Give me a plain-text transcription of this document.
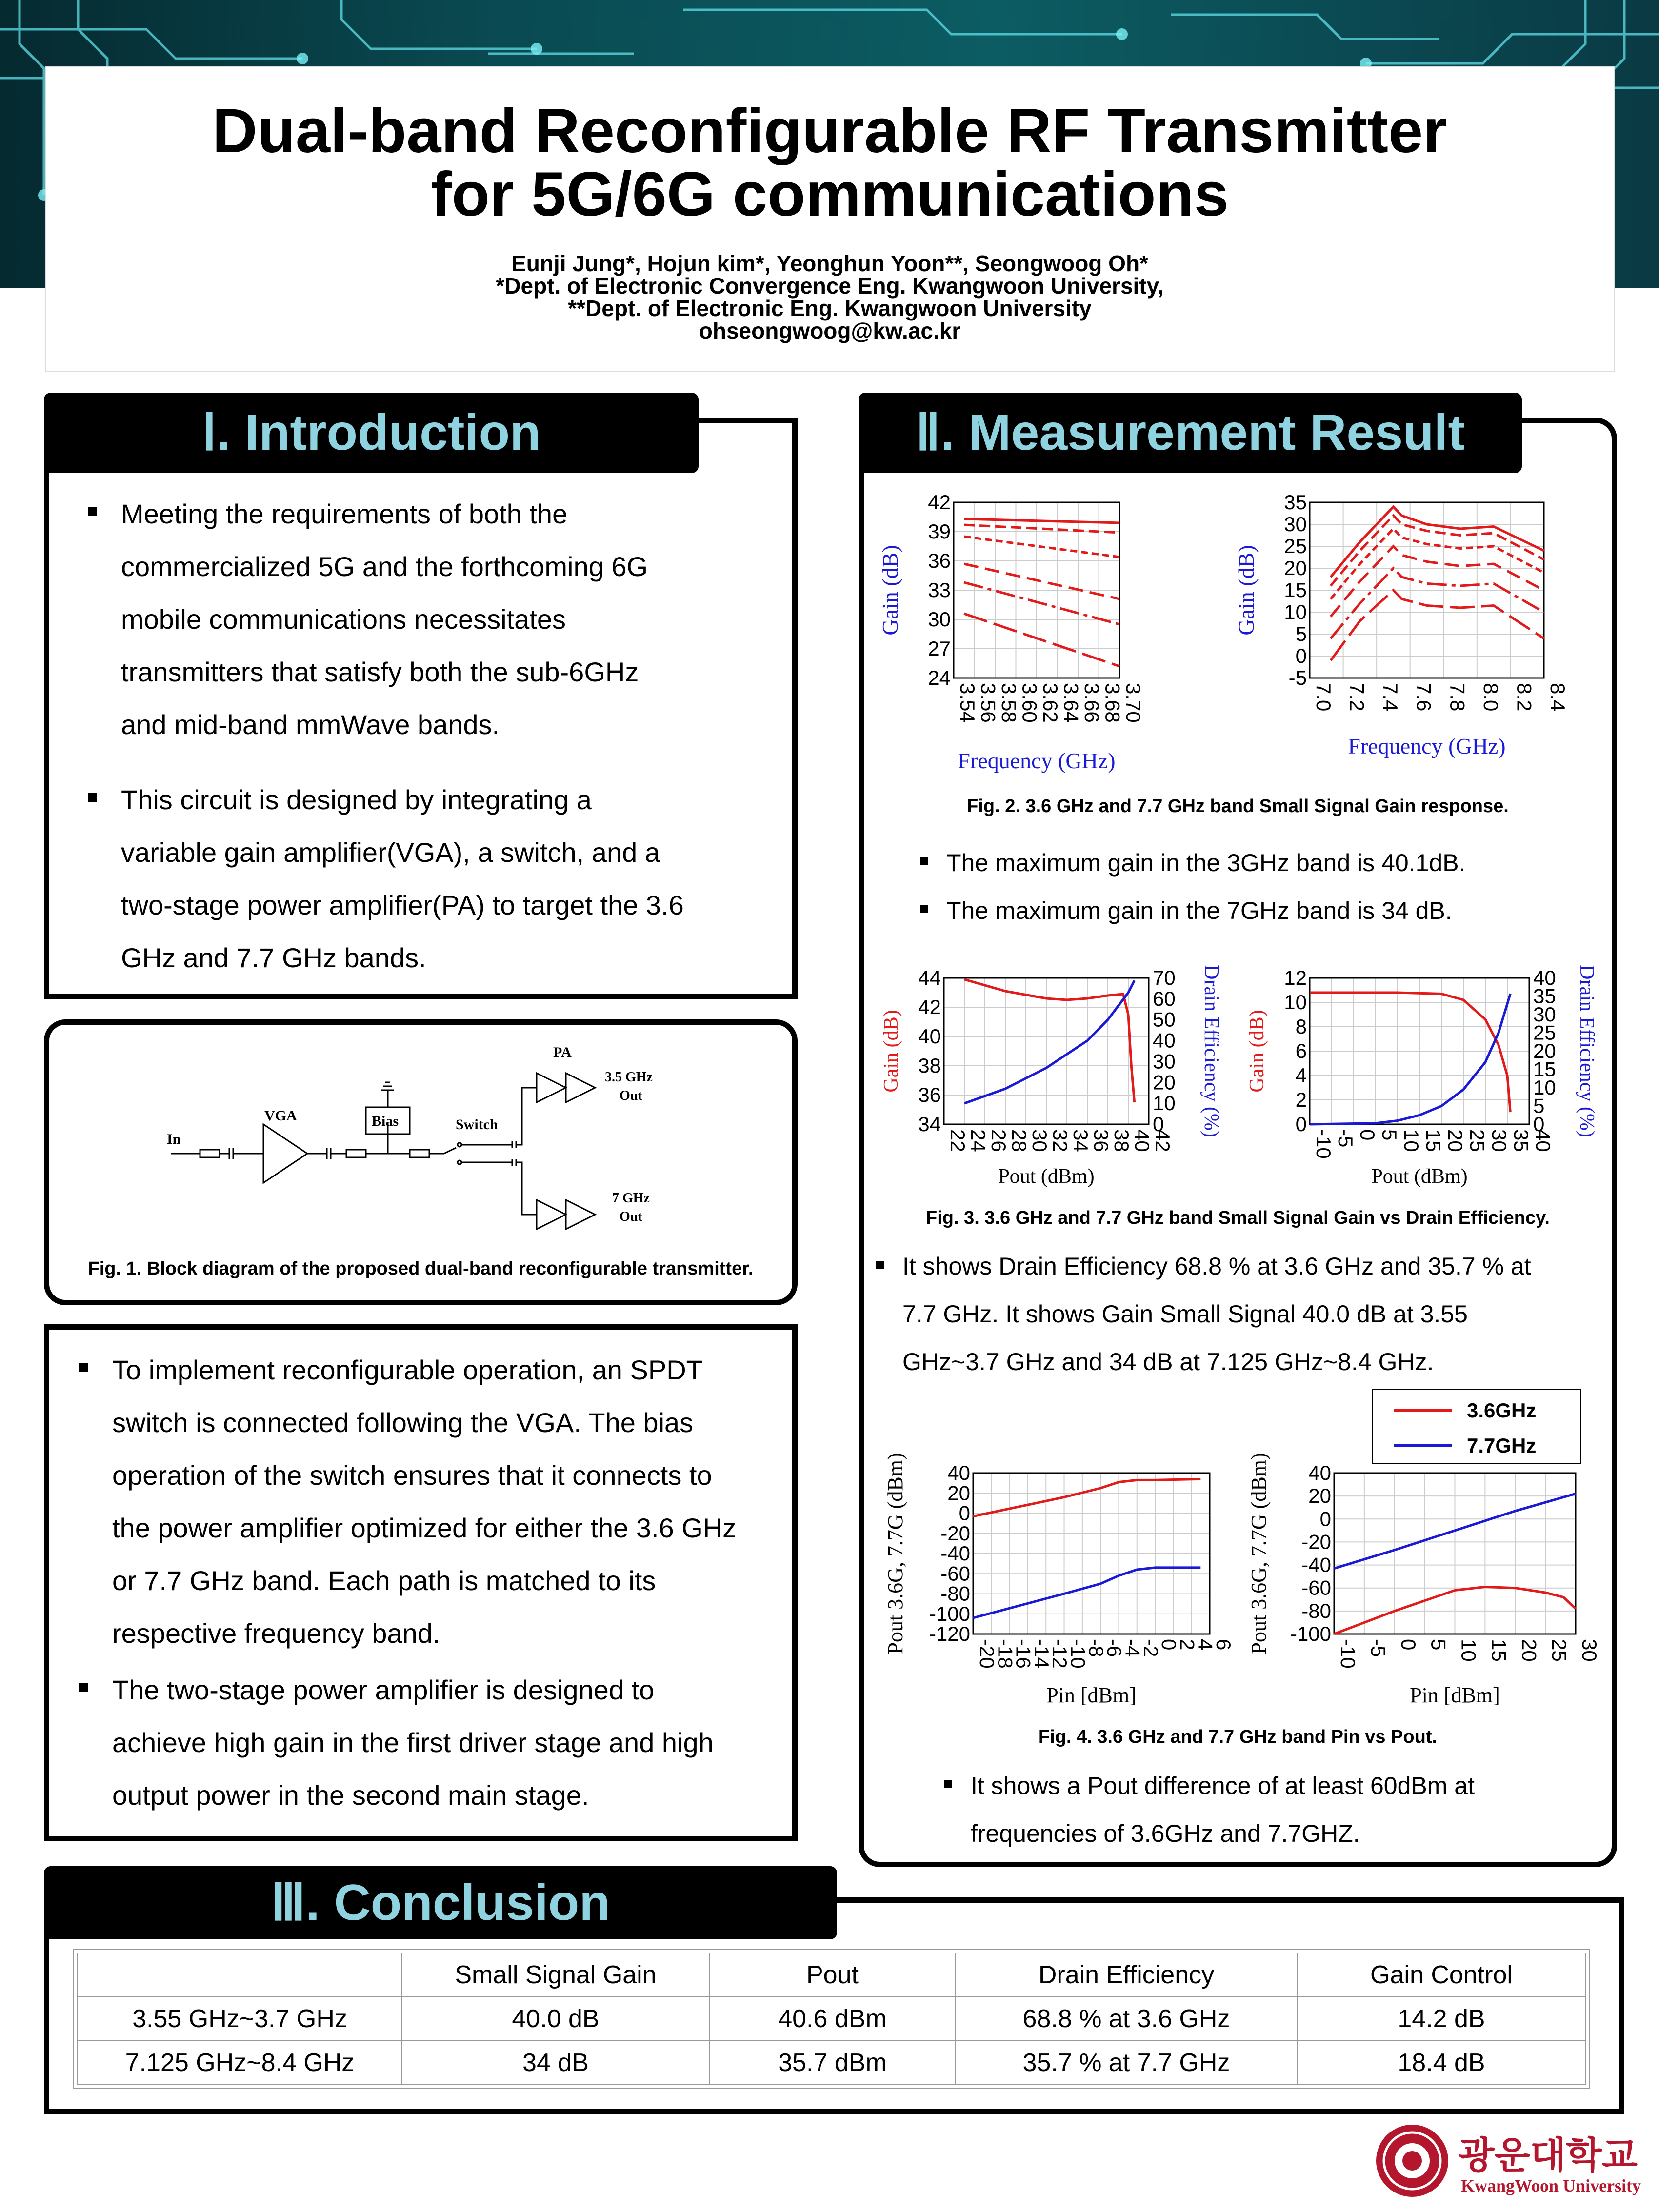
Dual-band Reconfigurable RF Transmitter
for 5G/6G communications
Eunji Jung*, Hojun kim*, Yeonghun Yoon**, Seongwoog Oh*
*Dept. of Electronic Convergence Eng. Kwangwoon University,
**Dept. of Electronic Eng. Kwangwoon University
ohseongwoog@kw.ac.kr
Ⅰ. Introduction
Meeting the requirements of both the
commercialized 5G and the forthcoming 6G
mobile communications necessitates
transmitters that satisfy both the sub-6GHz
and mid-band mmWave bands.
This circuit is designed by integrating a
variable gain amplifier(VGA), a switch, and a
two-stage power amplifier(PA) to target the 3.6
GHz and 7.7 GHz bands.
In
VGA	Bias	Switch
PA
3.5 GHz
Out
7 GHz
Out
Fig. 1. Block diagram of the proposed dual-band reconfigurable transmitter.
To implement reconfigurable operation, an SPDT
switch is connected following the VGA. The bias
operation of the switch ensures that it connects to
the power amplifier optimized for either the 3.6 GHz
or 7.7 GHz band. Each path is matched to its
respective frequency band.
The two-stage power amplifier is designed to
achieve high gain in the first driver stage and high
output power in the second main stage.
Ⅱ. Measurement Result
3.54
3.56
3.58
3.60
3.62
3.64
3.66
3.68
3.70
24
27
30
33
36
39
42
Frequency (GHz)
Gain (dB)
7.0 7.2 7.4 7.6 7.8 8.0 8.2 8.4
-5
0
5
10
15
20
25
30
35
Frequency (GHz)
Gain (dB)
Fig. 2. 3.6 GHz and 7.7 GHz band Small Signal Gain response.
The maximum gain in the 3GHz band is 40.1dB.
The maximum gain in the 7GHz band is 34 dB.
22
24
26
28
30
32
34
36
38
40
42
34
36
38
40
42
44
0
10
20
30
40
50
60
70
Pout (dBm)
Gain (dB)	Drain Efficiency (%)
-10
-5
0
5
10
15
20
25
30
35
40
0
2
4
6
8
10
12
0
5
10
15
20
25
30
35
40
Pout (dBm)
Gain (dB)	Drain Efficiency (%)
Fig. 3. 3.6 GHz and 7.7 GHz band Small Signal Gain vs Drain Efficiency.
It shows Drain Efficiency 68.8 % at 3.6 GHz and 35.7 % at
7.7 GHz. It shows Gain Small Signal 40.0 dB at 3.55
GHz~3.7 GHz and 34 dB at 7.125 GHz~8.4 GHz.
3.6GHz
7.7GHz
-20
-18
-16
-14
-12
-10
-8
-6
-4
-2
0
2
4
6
-120
-100
-80
-60
-40
-20
0
20
40
Pin [dBm]
Pout 3.6G, 7.7G (dBm)	-10 -5 0 5 10 15 20 25 30
-100
-80
-60
-40
-20
0
20
40
Pin [dBm]
Pout 3.6G, 7.7G (dBm)
Fig. 4. 3.6 GHz and 7.7 GHz band Pin vs Pout.
It shows a Pout difference of at least 60dBm at
frequencies of 3.6GHz and 7.7GHZ.
Ⅲ. Conclusion
	Small Signal Gain	Pout	Drain Efficiency	Gain Control
3.55 GHz~3.7 GHz	40.0 dB	40.6 dBm	68.8 % at 3.6 GHz	14.2 dB
7.125 GHz~8.4 GHz	34 dB	35.7 dBm	35.7 % at 7.7 GHz	18.4 dB
광운대학교
KwangWoon University
